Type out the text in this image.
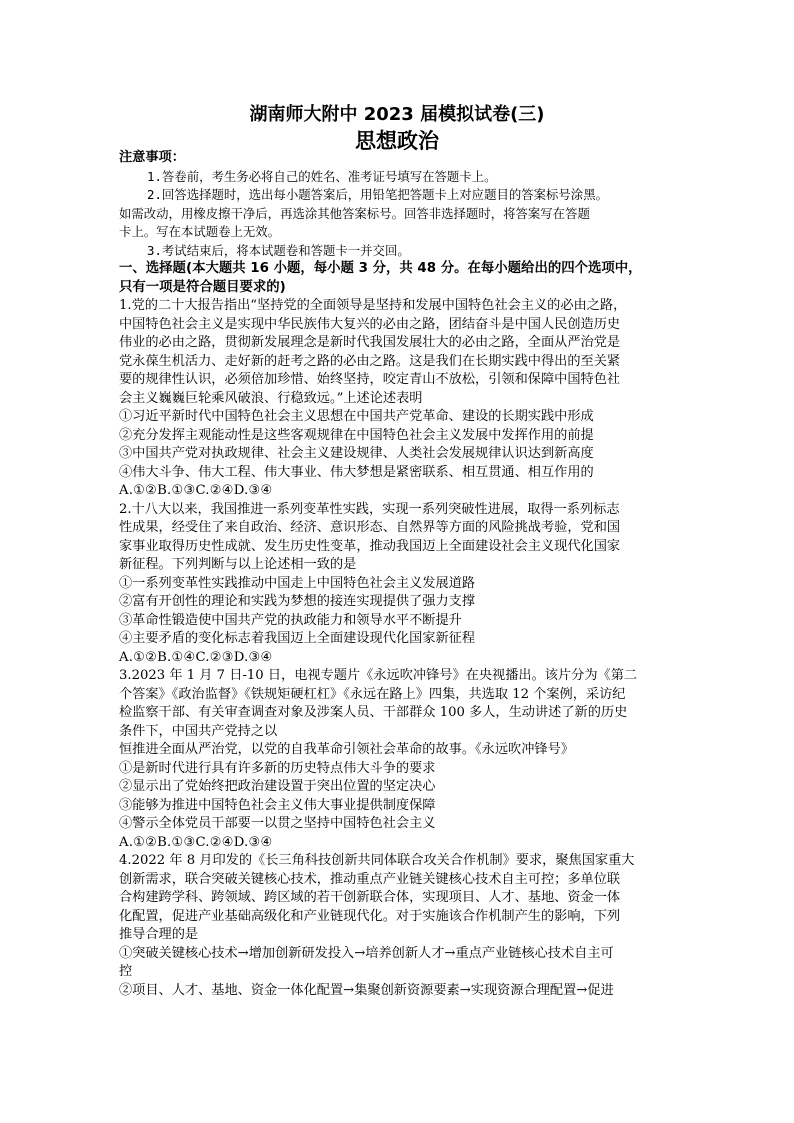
湖南师大附中 2023 届模拟试卷(三)
思想政治
注意事项：
1.答卷前，考生务必将自己的姓名、准考证号填写在答题卡上。
2.回答选择题时，选出每小题答案后，用铅笔把答题卡上对应题目的答案标号涂黑。
如需改动，用橡皮擦干净后，再选涂其他答案标号。回答非选择题时，将答案写在答题
卡上。写在本试题卷上无效。
3.考试结束后，将本试题卷和答题卡一并交回。
一、选择题(本大题共 16 小题，每小题 3 分，共 48 分。在每小题给出的四个选项中，
只有一项是符合题目要求的)
1.党的二十大报告指出“坚持党的全面领导是坚持和发展中国特色社会主义的必由之路，
中国特色社会主义是实现中华民族伟大复兴的必由之路，团结奋斗是中国人民创造历史
伟业的必由之路，贯彻新发展理念是新时代我国发展壮大的必由之路，全面从严治党是
党永葆生机活力、走好新的赶考之路的必由之路。这是我们在长期实践中得出的至关紧
要的规律性认识，必须倍加珍惜、始终坚持，咬定青山不放松，引领和保障中国特色社
会主义巍巍巨轮乘风破浪、行稳致远。”上述论述表明
①习近平新时代中国特色社会主义思想在中国共产党革命、建设的长期实践中形成
②充分发挥主观能动性是这些客观规律在中国特色社会主义发展中发挥作用的前提
③中国共产党对执政规律、社会主义建设规律、人类社会发展规律认识达到新高度
④伟大斗争、伟大工程、伟大事业、伟大梦想是紧密联系、相互贯通、相互作用的
A.①②B.①③C.②④D.③④
2.十八大以来，我国推进一系列变革性实践，实现一系列突破性进展，取得一系列标志
性成果，经受住了来自政治、经济、意识形态、自然界等方面的风险挑战考验，党和国
家事业取得历史性成就、发生历史性变革，推动我国迈上全面建设社会主义现代化国家
新征程。下列判断与以上论述相一致的是
①一系列变革性实践推动中国走上中国特色社会主义发展道路
②富有开创性的理论和实践为梦想的接连实现提供了强力支撑
③革命性锻造使中国共产党的执政能力和领导水平不断提升
④主要矛盾的变化标志着我国迈上全面建设现代化国家新征程
A.①②B.①④C.②③D.③④
3.2023 年 1 月 7 日-10 日，电视专题片《永远吹冲锋号》在央视播出。该片分为《第二
个答案》《政治监督》《铁规矩硬杠杠》《永远在路上》四集，共选取 12 个案例，采访纪
检监察干部、有关审查调查对象及涉案人员、干部群众 100 多人，生动讲述了新的历史
条件下，中国共产党持之以
恒推进全面从严治党，以党的自我革命引领社会革命的故事。《永远吹冲锋号》
①是新时代进行具有许多新的历史特点伟大斗争的要求
②显示出了党始终把政治建设置于突出位置的坚定决心
③能够为推进中国特色社会主义伟大事业提供制度保障
④警示全体党员干部要一以贯之坚持中国特色社会主义
A.①②B.①③C.②④D.③④
4.2022 年 8 月印发的《长三角科技创新共同体联合攻关合作机制》要求，聚焦国家重大
创新需求，联合突破关键核心技术，推动重点产业链关键核心技术自主可控；多单位联
合构建跨学科、跨领域、跨区域的若干创新联合体，实现项目、人才、基地、资金一体
化配置，促进产业基础高级化和产业链现代化。对于实施该合作机制产生的影响，下列
推导合理的是
①突破关键核心技术→增加创新研发投入→培养创新人才→重点产业链核心技术自主可
控
②项目、人才、基地、资金一体化配置→集聚创新资源要素→实现资源合理配置→促进
